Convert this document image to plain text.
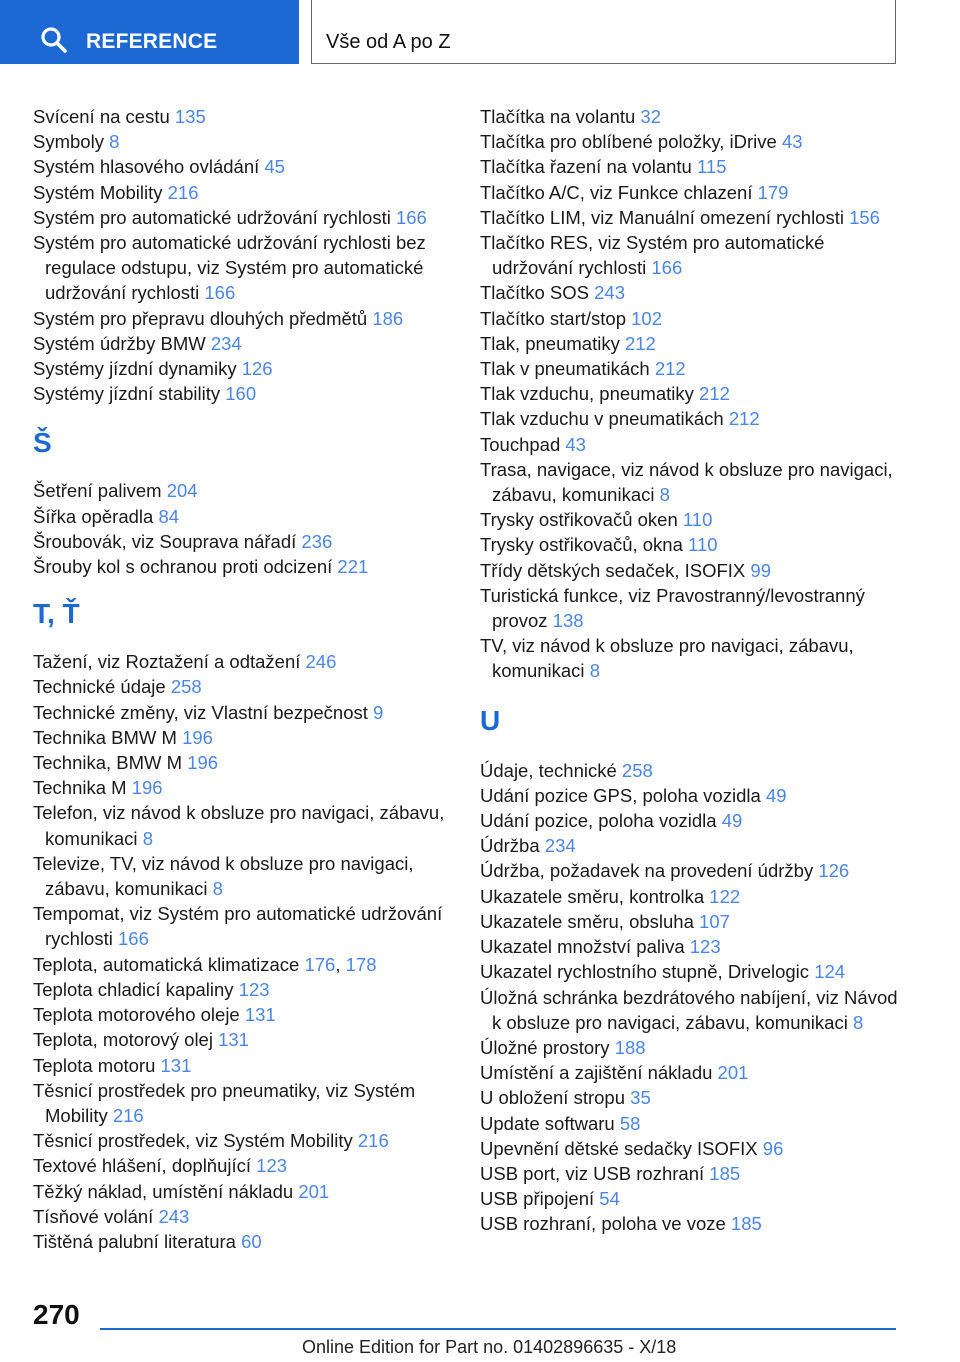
REFERENCE	Vše od A po Z
Svícení na cestu 135
Symboly 8
Systém hlasového ovládání 45
Systém Mobility 216
Systém pro automatické udržování rychlosti 166
Systém pro automatické udržování rychlosti bez regulace odstupu, viz Systém pro automatické udržování rychlosti 166
Systém pro přepravu dlouhých předmětů 186
Systém údržby BMW 234
Systémy jízdní dynamiky 126
Systémy jízdní stability 160
Š
Šetření palivem 204
Šířka opěradla 84
Šroubovák, viz Souprava nářadí 236
Šrouby kol s ochranou proti odcizení 221
T, Ť
Tažení, viz Roztažení a odtažení 246
Technické údaje 258
Technické změny, viz Vlastní bezpečnost 9
Technika BMW M 196
Technika, BMW M 196
Technika M 196
Telefon, viz návod k obsluze pro navigaci, zábavu, komunikaci 8
Televize, TV, viz návod k obsluze pro navigaci, zábavu, komunikaci 8
Tempomat, viz Systém pro automatické udržování rychlosti 166
Teplota, automatická klimatizace 176, 178
Teplota chladicí kapaliny 123
Teplota motorového oleje 131
Teplota, motorový olej 131
Teplota motoru 131
Těsnicí prostředek pro pneumatiky, viz Systém Mobility 216
Těsnicí prostředek, viz Systém Mobility 216
Textové hlášení, doplňující 123
Těžký náklad, umístění nákladu 201
Tísňové volání 243
Tištěná palubní literatura 60
Tlačítka na volantu 32
Tlačítka pro oblíbené položky, iDrive 43
Tlačítka řazení na volantu 115
Tlačítko A/C, viz Funkce chlazení 179
Tlačítko LIM, viz Manuální omezení rychlosti 156
Tlačítko RES, viz Systém pro automatické udržování rychlosti 166
Tlačítko SOS 243
Tlačítko start/stop 102
Tlak, pneumatiky 212
Tlak v pneumatikách 212
Tlak vzduchu, pneumatiky 212
Tlak vzduchu v pneumatikách 212
Touchpad 43
Trasa, navigace, viz návod k obsluze pro navigaci, zábavu, komunikaci 8
Trysky ostřikovačů oken 110
Trysky ostřikovačů, okna 110
Třídy dětských sedaček, ISOFIX 99
Turistická funkce, viz Pravostranný/levostranný provoz 138
TV, viz návod k obsluze pro navigaci, zábavu, komunikaci 8
U
Údaje, technické 258
Udání pozice GPS, poloha vozidla 49
Udání pozice, poloha vozidla 49
Údržba 234
Údržba, požadavek na provedení údržby 126
Ukazatele směru, kontrolka 122
Ukazatele směru, obsluha 107
Ukazatel množství paliva 123
Ukazatel rychlostního stupně, Drivelogic 124
Úložná schránka bezdrátového nabíjení, viz Návod k obsluze pro navigaci, zábavu, komunikaci 8
Úložné prostory 188
Umístění a zajištění nákladu 201
U obložení stropu 35
Update softwaru 58
Upevnění dětské sedačky ISOFIX 96
USB port, viz USB rozhraní 185
USB připojení 54
USB rozhraní, poloha ve voze 185
270
Online Edition for Part no. 01402896635 - X/18
